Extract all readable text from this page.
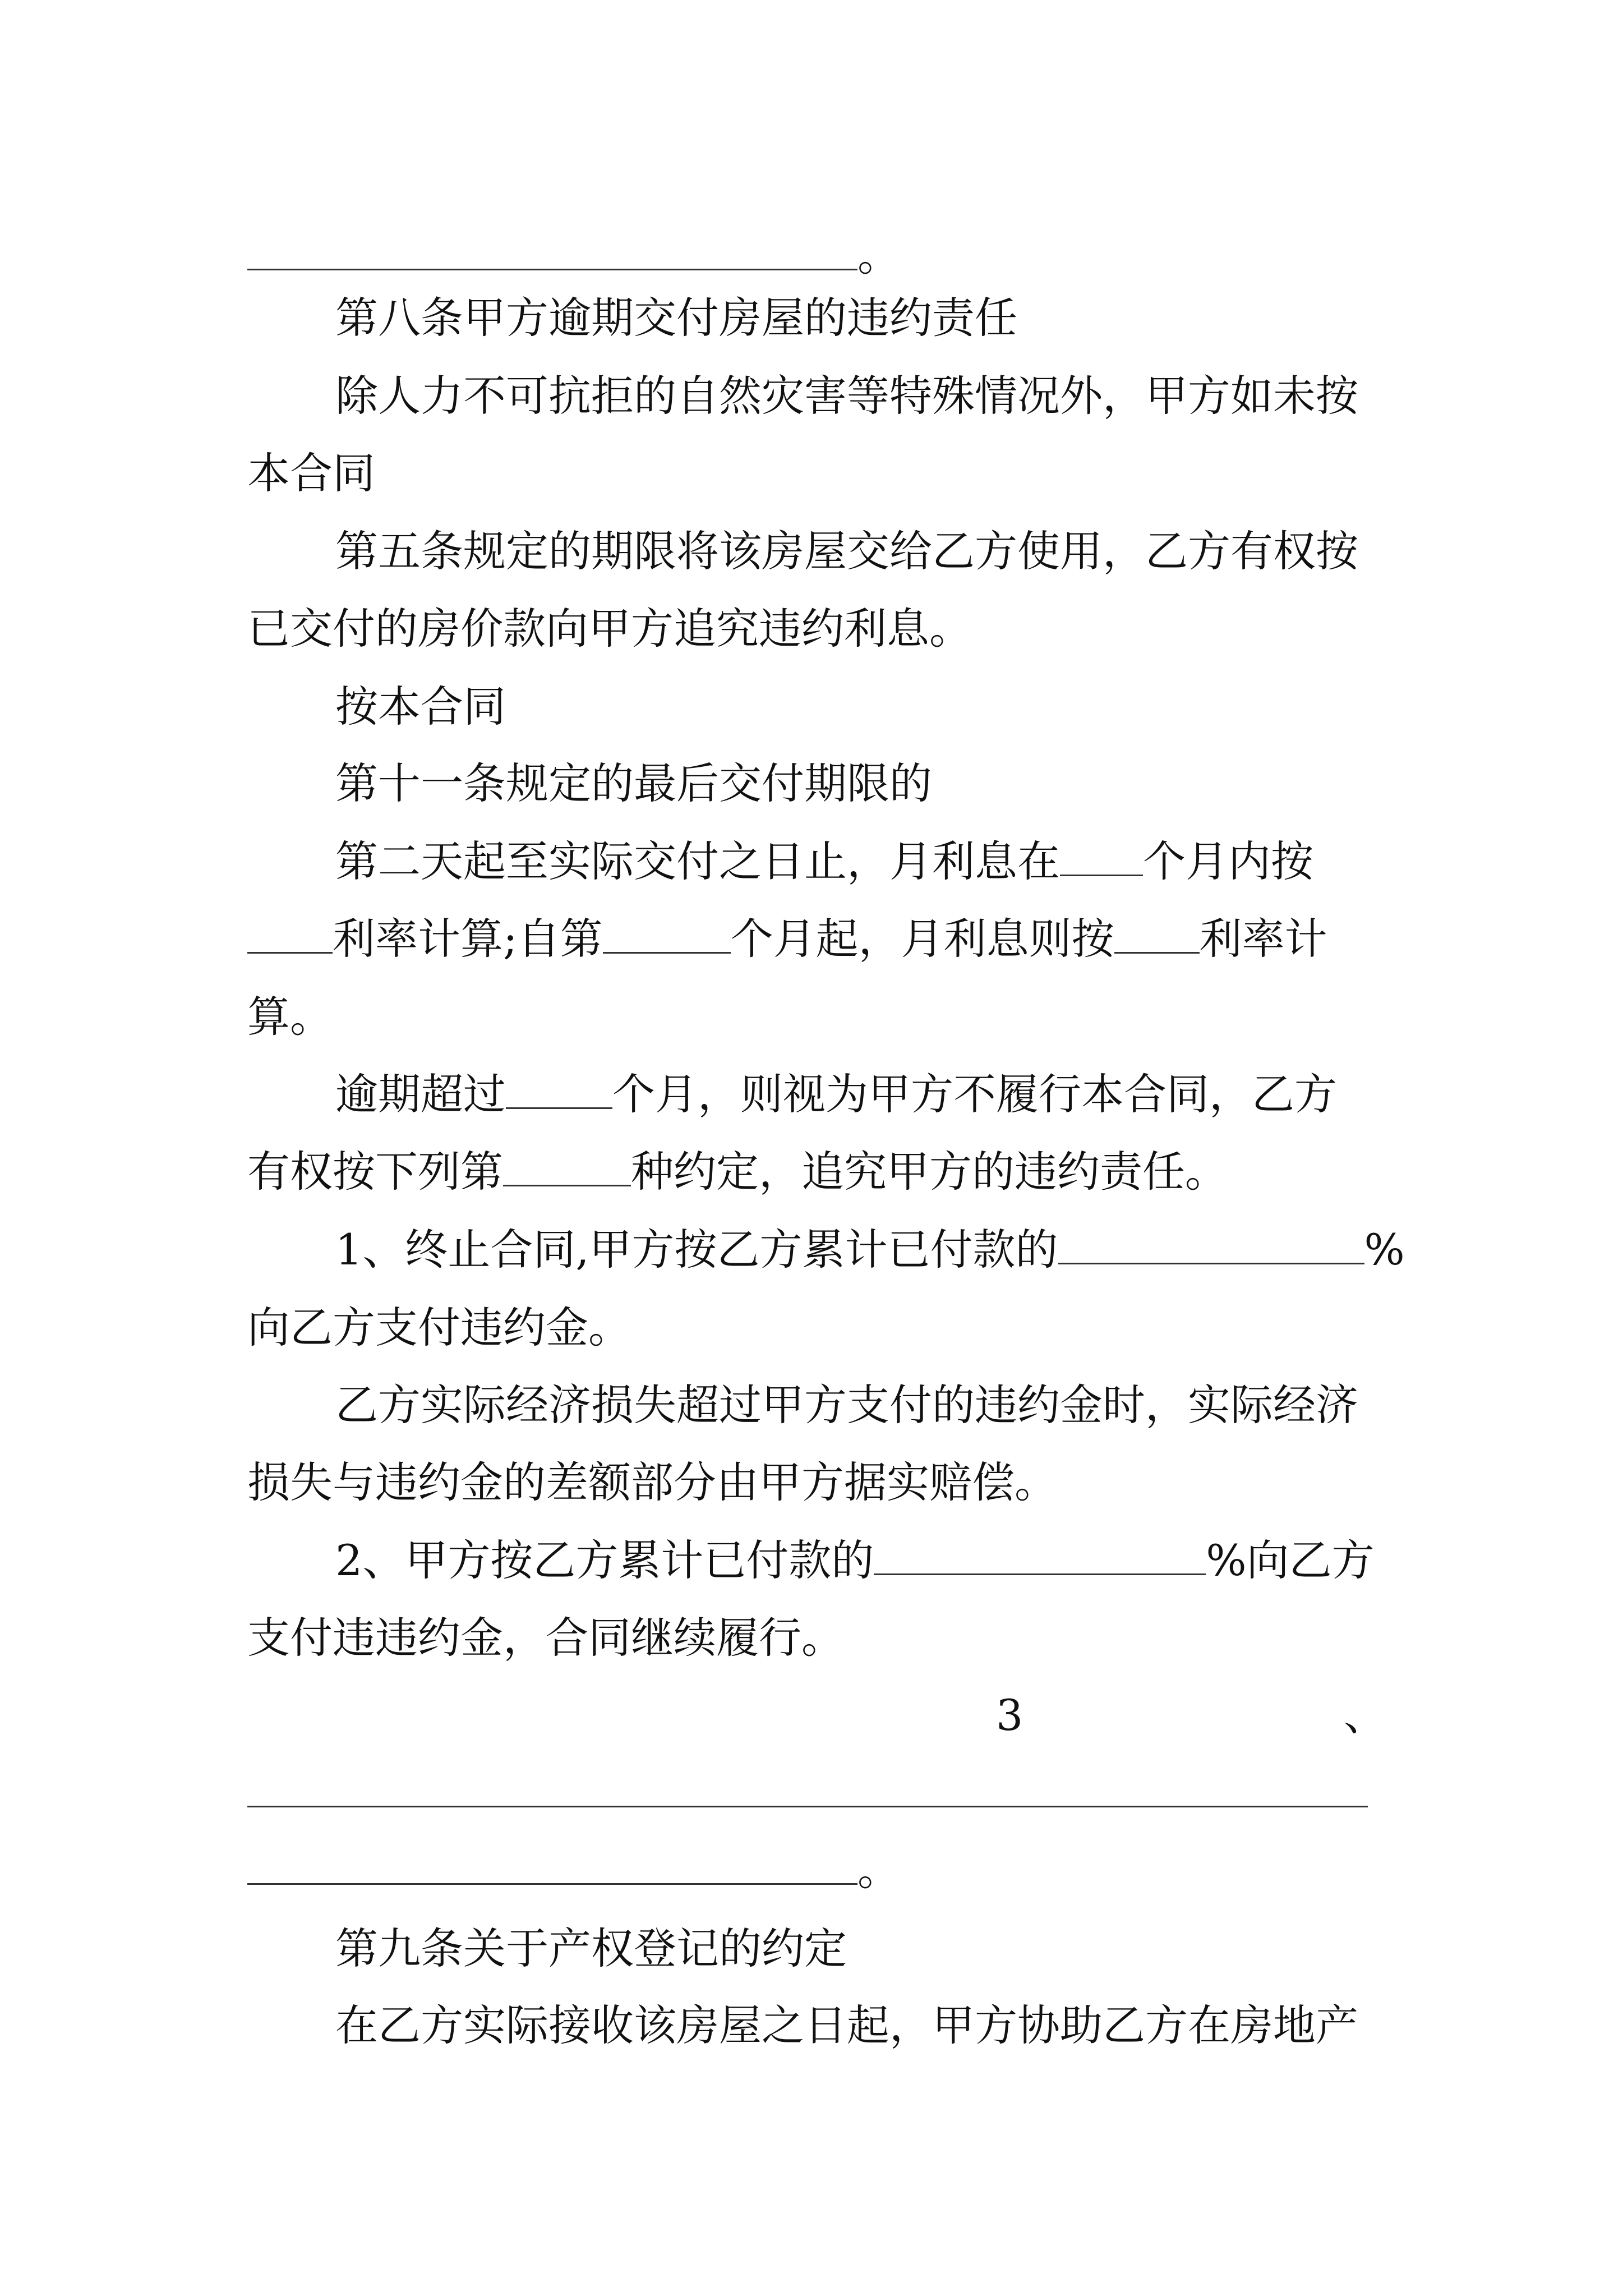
。
第八条甲方逾期交付房屋的违约责任
除人力不可抗拒的自然灾害等特殊情况外，甲方如未按
本合同
第五条规定的期限将该房屋交给乙方使用，乙方有权按
已交付的房价款向甲方追究违约利息。
按本合同
第十一条规定的最后交付期限的
第二天起至实际交付之日止，月利息在 个月内按
利率计算;自第	个月起，月利息则按 利率计
算。
逾期超过	个月，则视为甲方不履行本合同，乙方
有权按下列第	种约定，追究甲方的违约责任。
1、终止合同,甲方按乙方累计已付款的	%
向乙方支付违约金。
乙方实际经济损失超过甲方支付的违约金时，实际经济
损失与违约金的差额部分由甲方据实赔偿。
2、甲方按乙方累计已付款的	%向乙方
支付违违约金，合同继续履行。
3	、
。
第九条关于产权登记的约定
在乙方实际接收该房屋之日起，甲方协助乙方在房地产
